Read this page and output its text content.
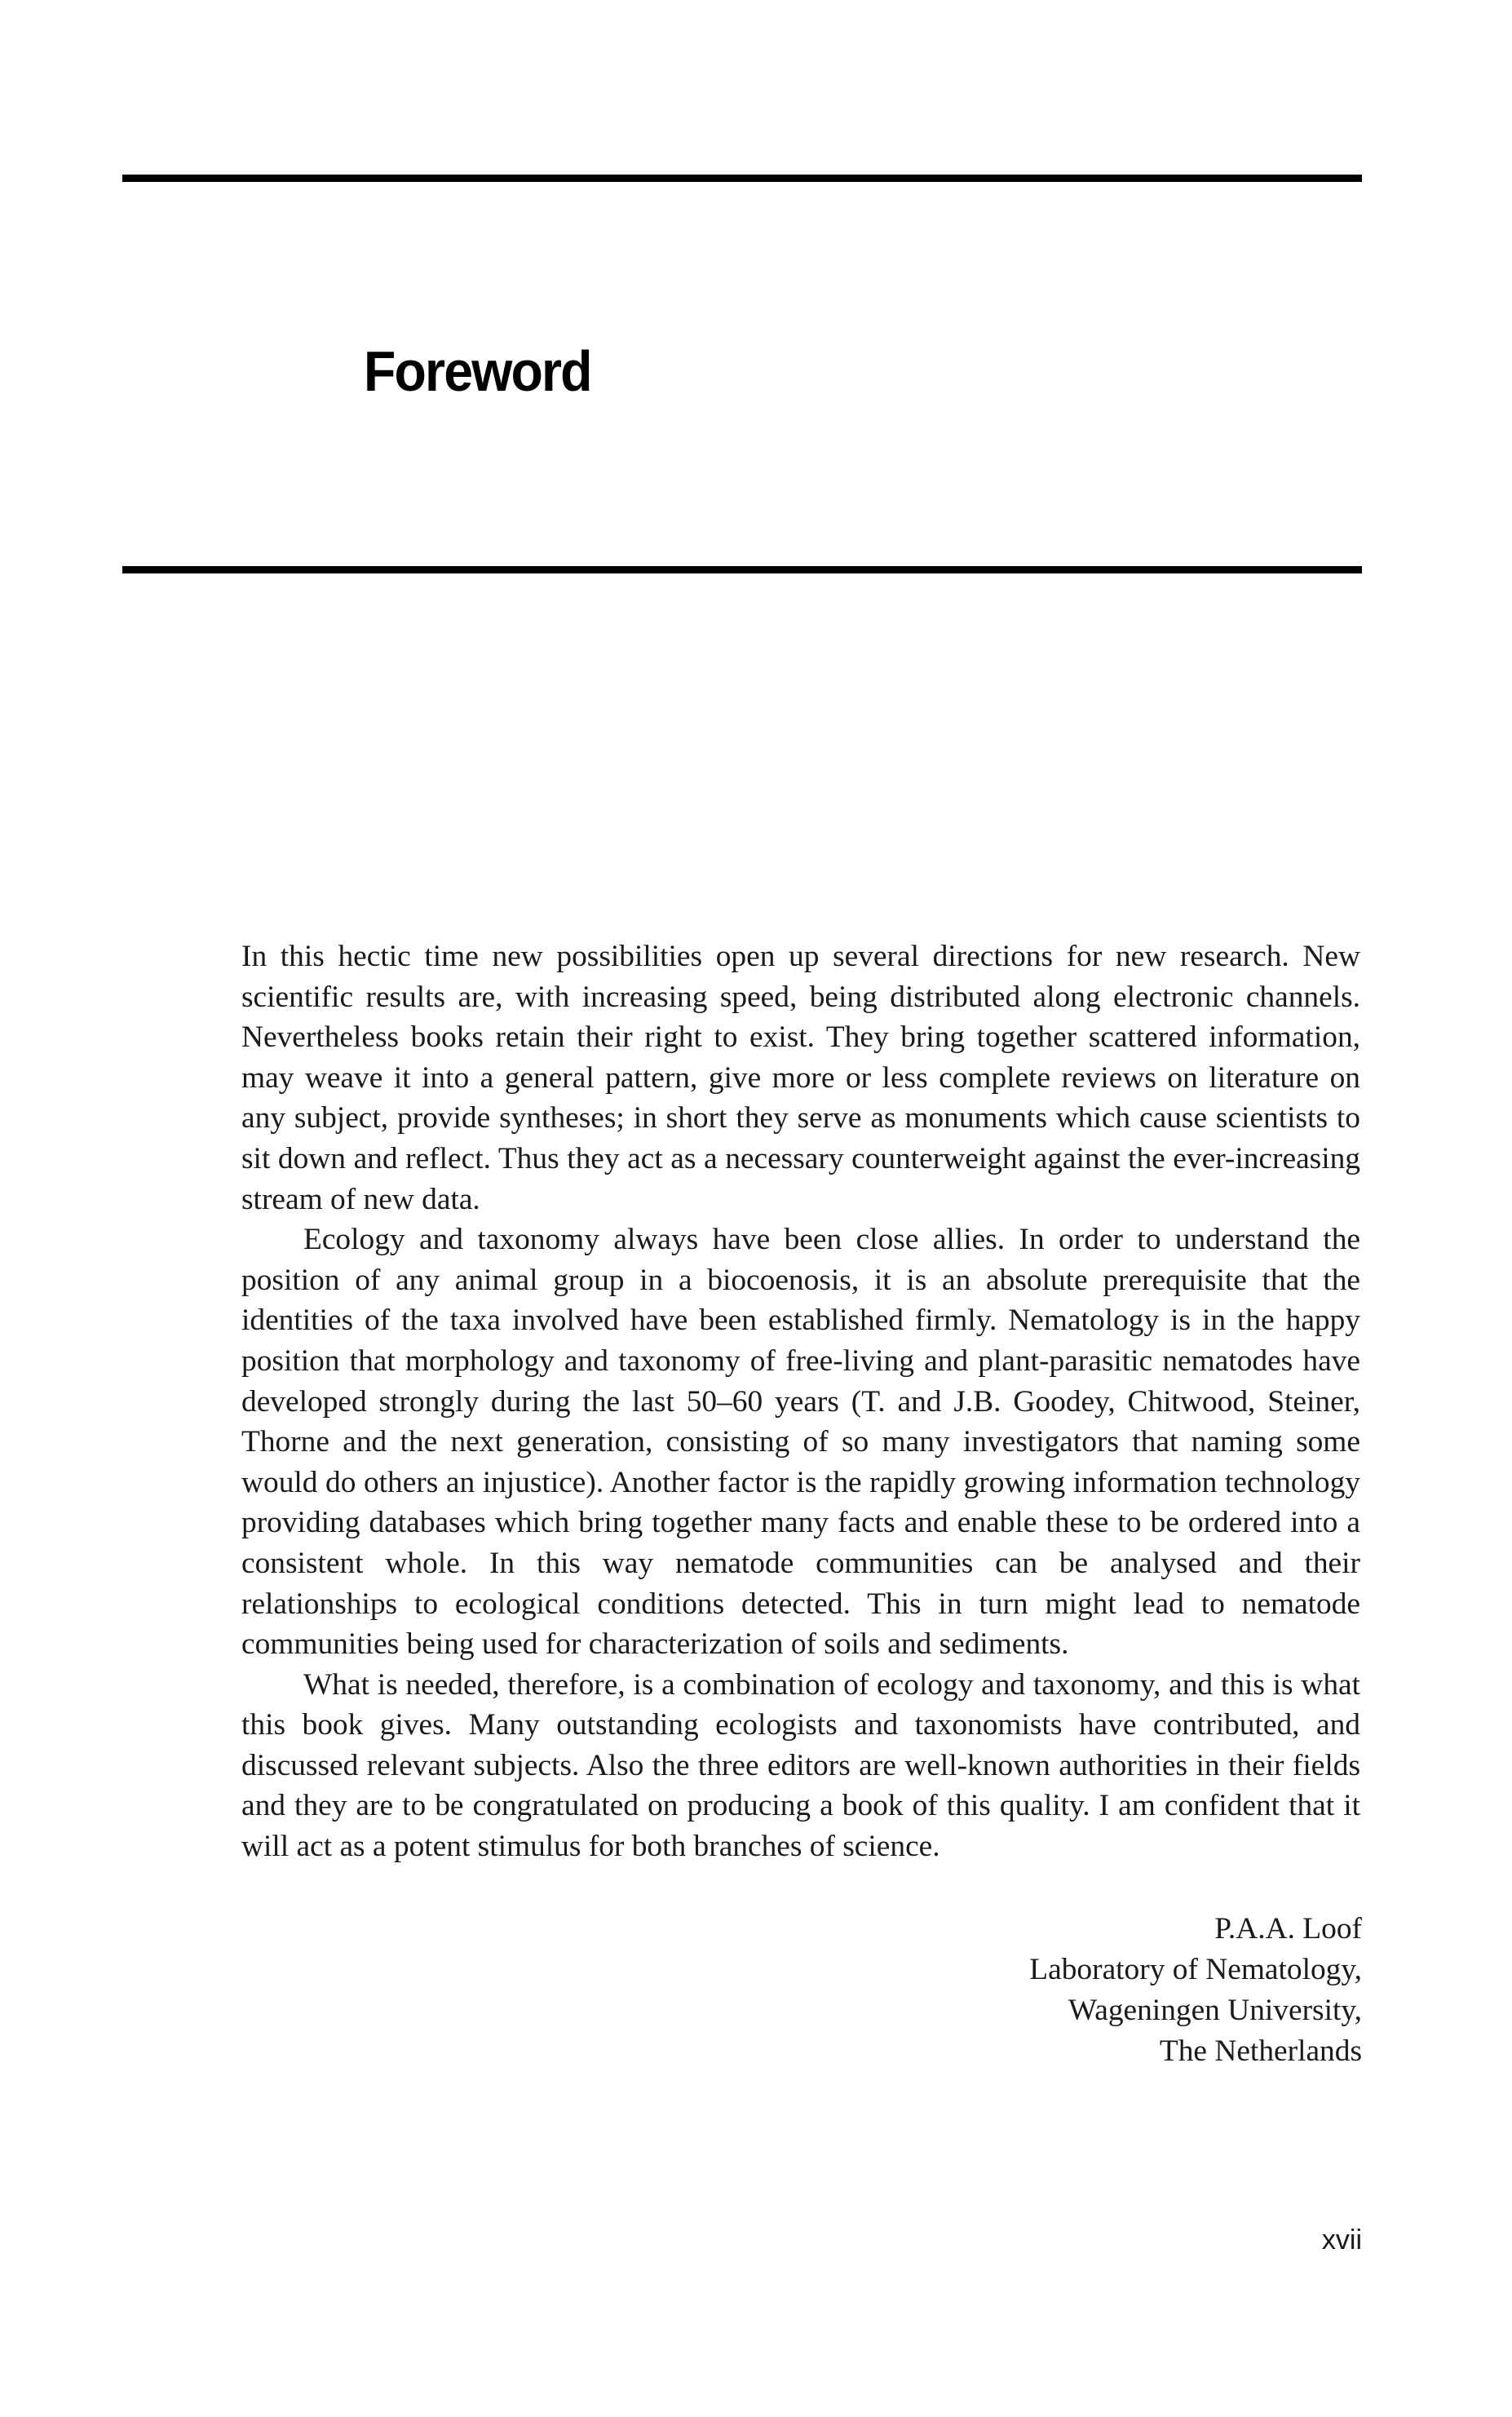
Foreword

In this hectic time new possibilities open up several directions for new research. New scientific results are, with increasing speed, being distributed along electronic channels. Nevertheless books retain their right to exist. They bring together scattered information, may weave it into a general pattern, give more or less complete reviews on literature on any subject, provide syntheses; in short they serve as monuments which cause scientists to sit down and reflect. Thus they act as a necessary counterweight against the ever-increasing stream of new data.

Ecology and taxonomy always have been close allies. In order to understand the position of any animal group in a biocoenosis, it is an absolute prerequisite that the identities of the taxa involved have been established firmly. Nematology is in the happy position that morphology and taxonomy of free-living and plant-parasitic nematodes have developed strongly during the last 50–60 years (T. and J.B. Goodey, Chitwood, Steiner, Thorne and the next generation, consisting of so many investigators that naming some would do others an injustice). Another factor is the rapidly growing information technology providing databases which bring together many facts and enable these to be ordered into a consistent whole. In this way nematode communities can be analysed and their relationships to ecological conditions detected. This in turn might lead to nematode communities being used for characterization of soils and sediments.

What is needed, therefore, is a combination of ecology and taxonomy, and this is what this book gives. Many outstanding ecologists and taxonomists have contributed, and discussed relevant subjects. Also the three editors are well-known authorities in their fields and they are to be congratulated on producing a book of this quality. I am confident that it will act as a potent stimulus for both branches of science.

P.A.A. Loof
Laboratory of Nematology,
Wageningen University,
The Netherlands
xvii
